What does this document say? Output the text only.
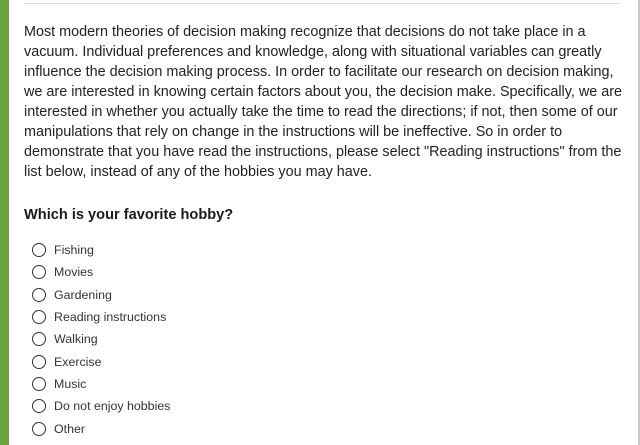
Most modern theories of decision making recognize that decisions do not take place in a vacuum. Individual preferences and knowledge, along with situational variables can greatly influence the decision making process. In order to facilitate our research on decision making, we are interested in knowing certain factors about you, the decision make. Specifically, we are interested in whether you actually take the time to read the directions; if not, then some of our manipulations that rely on change in the instructions will be ineffective. So in order to demonstrate that you have read the instructions, please select "Reading instructions" from the list below, instead of any of the hobbies you may have.

Which is your favorite hobby?
Fishing
Movies
Gardening
Reading instructions
Walking
Exercise
Music
Do not enjoy hobbies
Other
